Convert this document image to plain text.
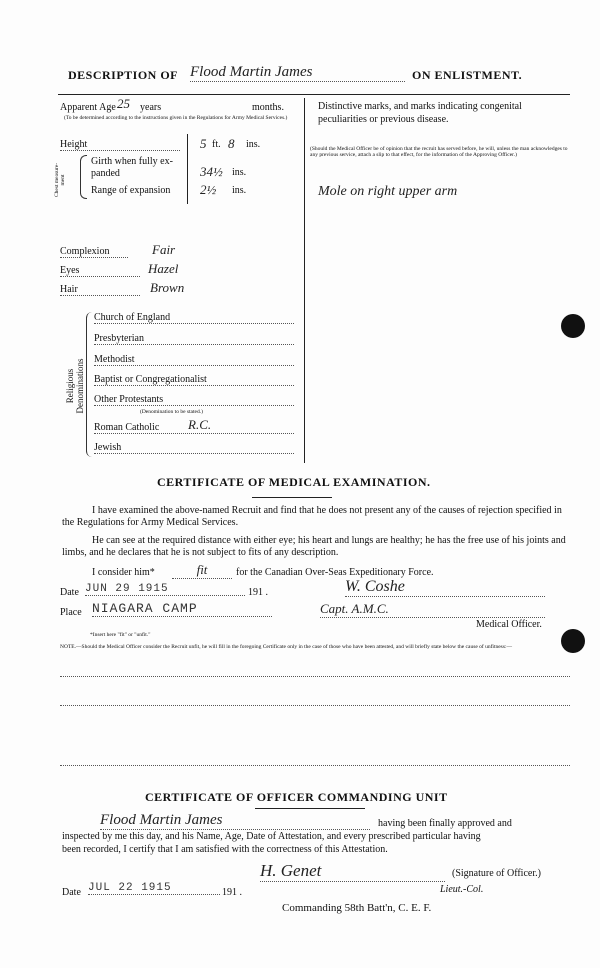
DESCRIPTION OF Flood Martin James	ON ENLISTMENT.
Apparent Age 25 years	months.
(To be determined according to the instructions given in the Regulations for Army Medical Services.)
Height	5 ft. 8 ins.
Chest measure-ment
Girth when fully ex-panded	34½ ins.
Range of expansion 2½ ins.
Complexion	Fair
Eyes	Hazel
Hair	Brown
Religious Denominations
Church of England
Presbyterian
Methodist
Baptist or Congregationalist
Other Protestants
(Denomination to be stated.)
Roman Catholic	R.C.
Jewish
Distinctive marks, and marks indicating congenital peculiarities or previous disease.
(Should the Medical Officer be of opinion that the recruit has served before, he will, unless the man acknowledges to any previous service, attach a slip to that effect, for the information of the Approving Officer.)
Mole on right upper arm
CERTIFICATE OF MEDICAL EXAMINATION.
I have examined the above-named Recruit and find that he does not present any of the causes of rejection specified in the Regulations for Army Medical Services.
He can see at the required distance with either eye; his heart and lungs are healthy; he has the free use of his joints and limbs, and he declares that he is not subject to fits of any description.
I consider him*	fit	for the Canadian Over-Seas Expeditionary Force.
Date JUN 29 1915	191 .
Place NIAGARA CAMP
W. Coshe
Capt. A.M.C.
Medical Officer.
*Insert here "fit" or "unfit."
NOTE.—Should the Medical Officer consider the Recruit unfit, he will fill in the foregoing Certificate only in the case of those who have been attested, and will briefly state below the cause of unfitness:—
CERTIFICATE OF OFFICER COMMANDING UNIT
Flood Martin James	having been finally approved and
inspected by me this day, and his Name, Age, Date of Attestation, and every prescribed particular having
been recorded, I certify that I am satisfied with the correctness of this Attestation.
H. Genet	(Signature of Officer.)
Lieut.-Col.
Date JUL 22 1915	191 .
Commanding 58th Batt'n, C. E. F.
